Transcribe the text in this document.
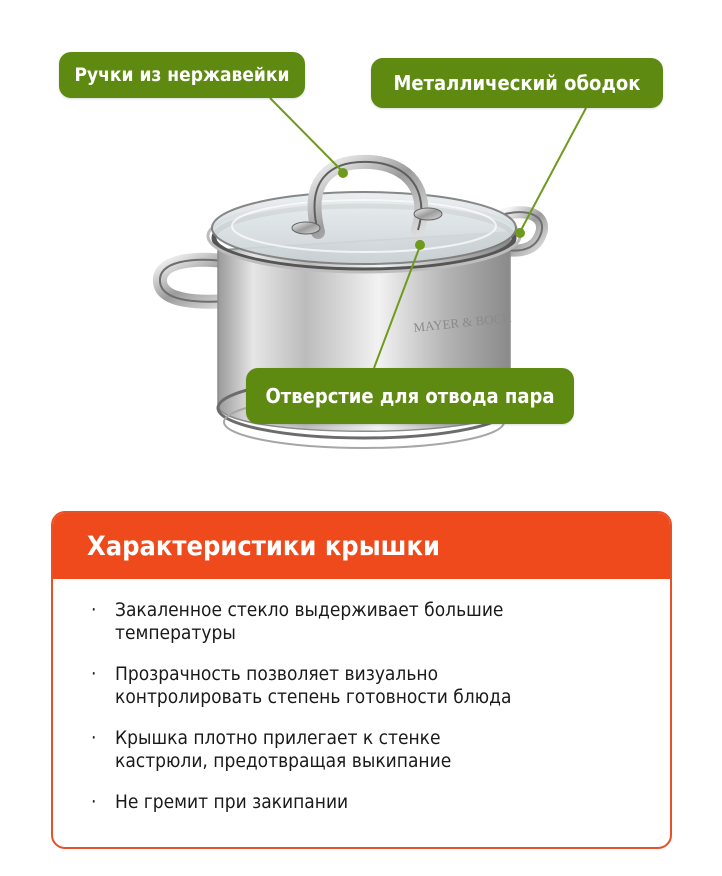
MAYER & BOCH
Ручки из нержавейки	Металлический ободок
Отверстие для отвода пара
Характеристики крышки
· Закаленное стекло выдерживает большие
температуры
· Прозрачность позволяет визуально
контролировать степень готовности блюда
· Крышка плотно прилегает к стенке
кастрюли, предотвращая выкипание
· Не гремит при закипании
